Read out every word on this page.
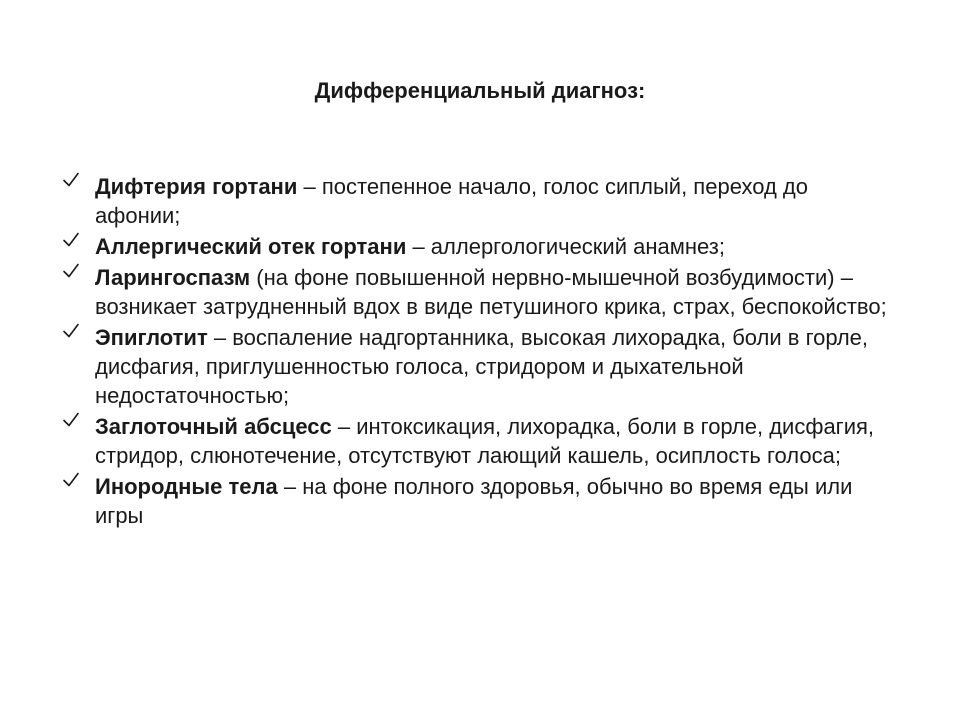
Дифференциальный диагноз:
Дифтерия гортани – постепенное начало, голос сиплый, переход до афонии;
Аллергический отек гортани – аллергологический анамнез;
Ларингоспазм (на фоне повышенной нервно-мышечной возбудимости) – возникает затрудненный вдох в виде петушиного крика, страх, беспокойство;
Эпиглотит – воспаление надгортанника, высокая лихорадка, боли в горле, дисфагия, приглушенностью голоса, стридором и дыхательной недостаточностью;
Заглоточный абсцесс – интоксикация, лихорадка, боли в горле, дисфагия, стридор, слюнотечение, отсутствуют лающий кашель, осиплость голоса;
Инородные тела – на фоне полного здоровья, обычно во время еды или игры
